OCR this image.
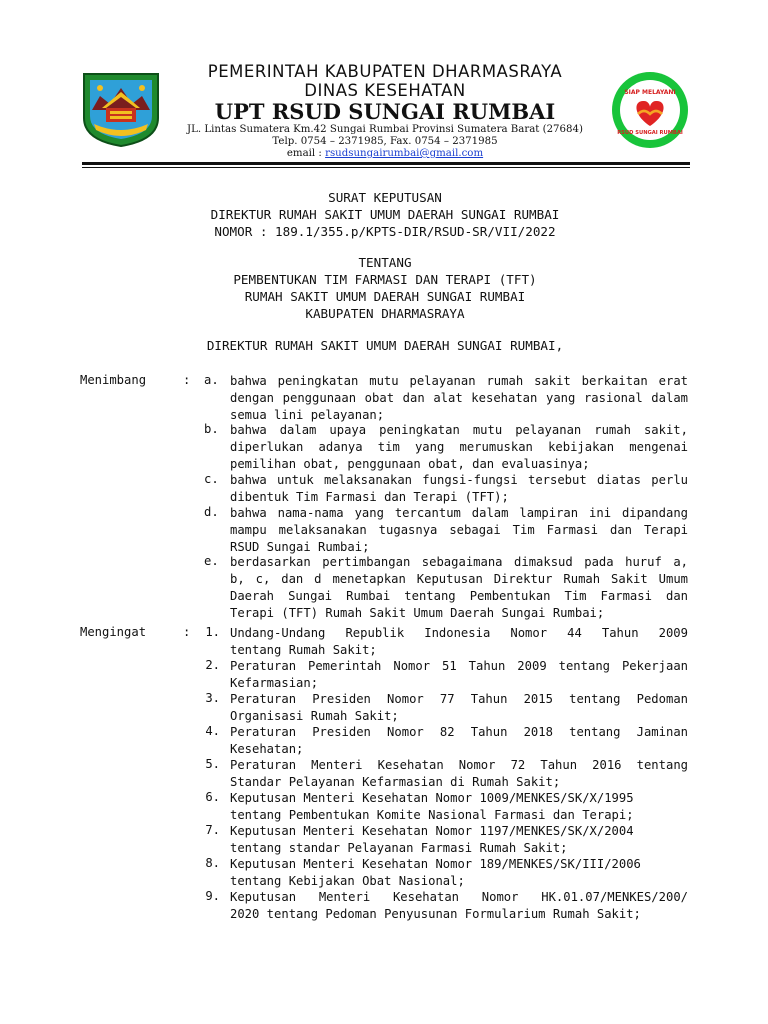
PEMERINTAH KABUPATEN DHARMASRAYA
DINAS KESEHATAN
UPT RSUD SUNGAI RUMBAI
JL. Lintas Sumatera Km.42 Sungai Rumbai Provinsi Sumatera Barat (27684)
Telp. 0754 – 2371985, Fax. 0754 – 2371985
email : rsudsungairumbai@gmail.com
SIAP MELAYANI
RSUD SUNGAI RUMBAI
SURAT KEPUTUSAN
DIREKTUR RUMAH SAKIT UMUM DAERAH SUNGAI RUMBAI
NOMOR : 189.1/355.p/KPTS-DIR/RSUD-SR/VII/2022
TENTANG
PEMBENTUKAN TIM FARMASI DAN TERAPI (TFT)
RUMAH SAKIT UMUM DAERAH SUNGAI RUMBAI
KABUPATEN DHARMASRAYA
DIREKTUR RUMAH SAKIT UMUM DAERAH SUNGAI RUMBAI,
Menimbang	: a. bahwa peningkatan mutu pelayanan rumah sakit berkaitan erat
dengan penggunaan obat dan alat kesehatan yang rasional dalam
semua lini pelayanan;
b. bahwa dalam upaya peningkatan mutu pelayanan rumah sakit,
diperlukan adanya tim yang merumuskan kebijakan mengenai
pemilihan obat, penggunaan obat, dan evaluasinya;
c. bahwa untuk melaksanakan fungsi-fungsi tersebut diatas perlu
dibentuk Tim Farmasi dan Terapi (TFT);
d. bahwa nama-nama yang tercantum dalam lampiran ini dipandang
mampu melaksanakan tugasnya sebagai Tim Farmasi dan Terapi
RSUD Sungai Rumbai;
e. berdasarkan pertimbangan sebagaimana dimaksud pada huruf a,
b, c, dan d menetapkan Keputusan Direktur Rumah Sakit Umum
Daerah Sungai Rumbai tentang Pembentukan Tim Farmasi dan
Terapi (TFT) Rumah Sakit Umum Daerah Sungai Rumbai;
Mengingat	:	1. Undang-Undang Republik Indonesia Nomor 44 Tahun 2009
tentang Rumah Sakit;
2. Peraturan Pemerintah Nomor 51 Tahun 2009 tentang Pekerjaan
Kefarmasian;
3. Peraturan Presiden Nomor 77 Tahun 2015 tentang Pedoman
Organisasi Rumah Sakit;
4. Peraturan Presiden Nomor 82 Tahun 2018 tentang Jaminan
Kesehatan;
5. Peraturan Menteri Kesehatan Nomor 72 Tahun 2016 tentang
Standar Pelayanan Kefarmasian di Rumah Sakit;
6. Keputusan Menteri Kesehatan Nomor 1009/MENKES/SK/X/1995
tentang Pembentukan Komite Nasional Farmasi dan Terapi;
7. Keputusan Menteri Kesehatan Nomor 1197/MENKES/SK/X/2004
tentang standar Pelayanan Farmasi Rumah Sakit;
8. Keputusan Menteri Kesehatan Nomor 189/MENKES/SK/III/2006
tentang Kebijakan Obat Nasional;
9. Keputusan Menteri Kesehatan Nomor HK.01.07/MENKES/200/
2020 tentang Pedoman Penyusunan Formularium Rumah Sakit;
